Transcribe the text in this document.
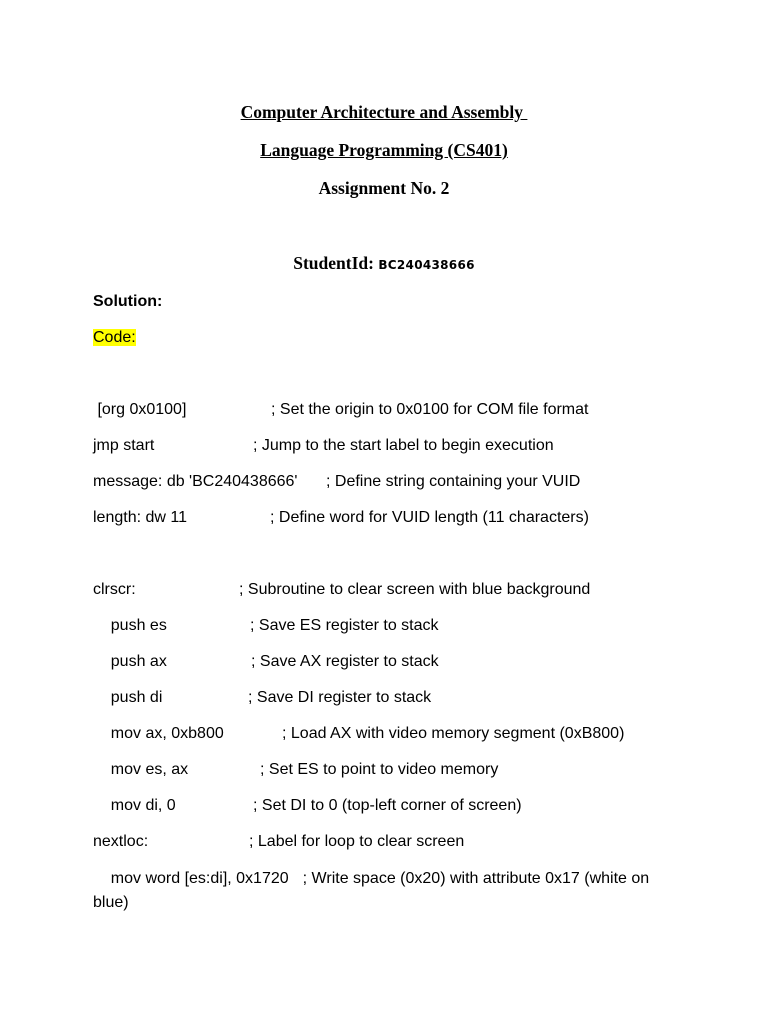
Computer Architecture and Assembly
Language Programming (CS401)
Assignment No. 2
StudentId: BC240438666
Solution:
Code:
[org 0x0100]	; Set the origin to 0x0100 for COM file format
jmp start	; Jump to the start label to begin execution
message: db 'BC240438666' ; Define string containing your VUID
length: dw 11	; Define word for VUID length (11 characters)
clrscr:	; Subroutine to clear screen with blue background
push es	; Save ES register to stack
push ax	; Save AX register to stack
push di	; Save DI register to stack
mov ax, 0xb800	; Load AX with video memory segment (0xB800)
mov es, ax	; Set ES to point to video memory
mov di, 0	; Set DI to 0 (top-left corner of screen)
nextloc:	; Label for loop to clear screen
mov word [es:di], 0x1720 ; Write space (0x20) with attribute 0x17 (white on blue)
